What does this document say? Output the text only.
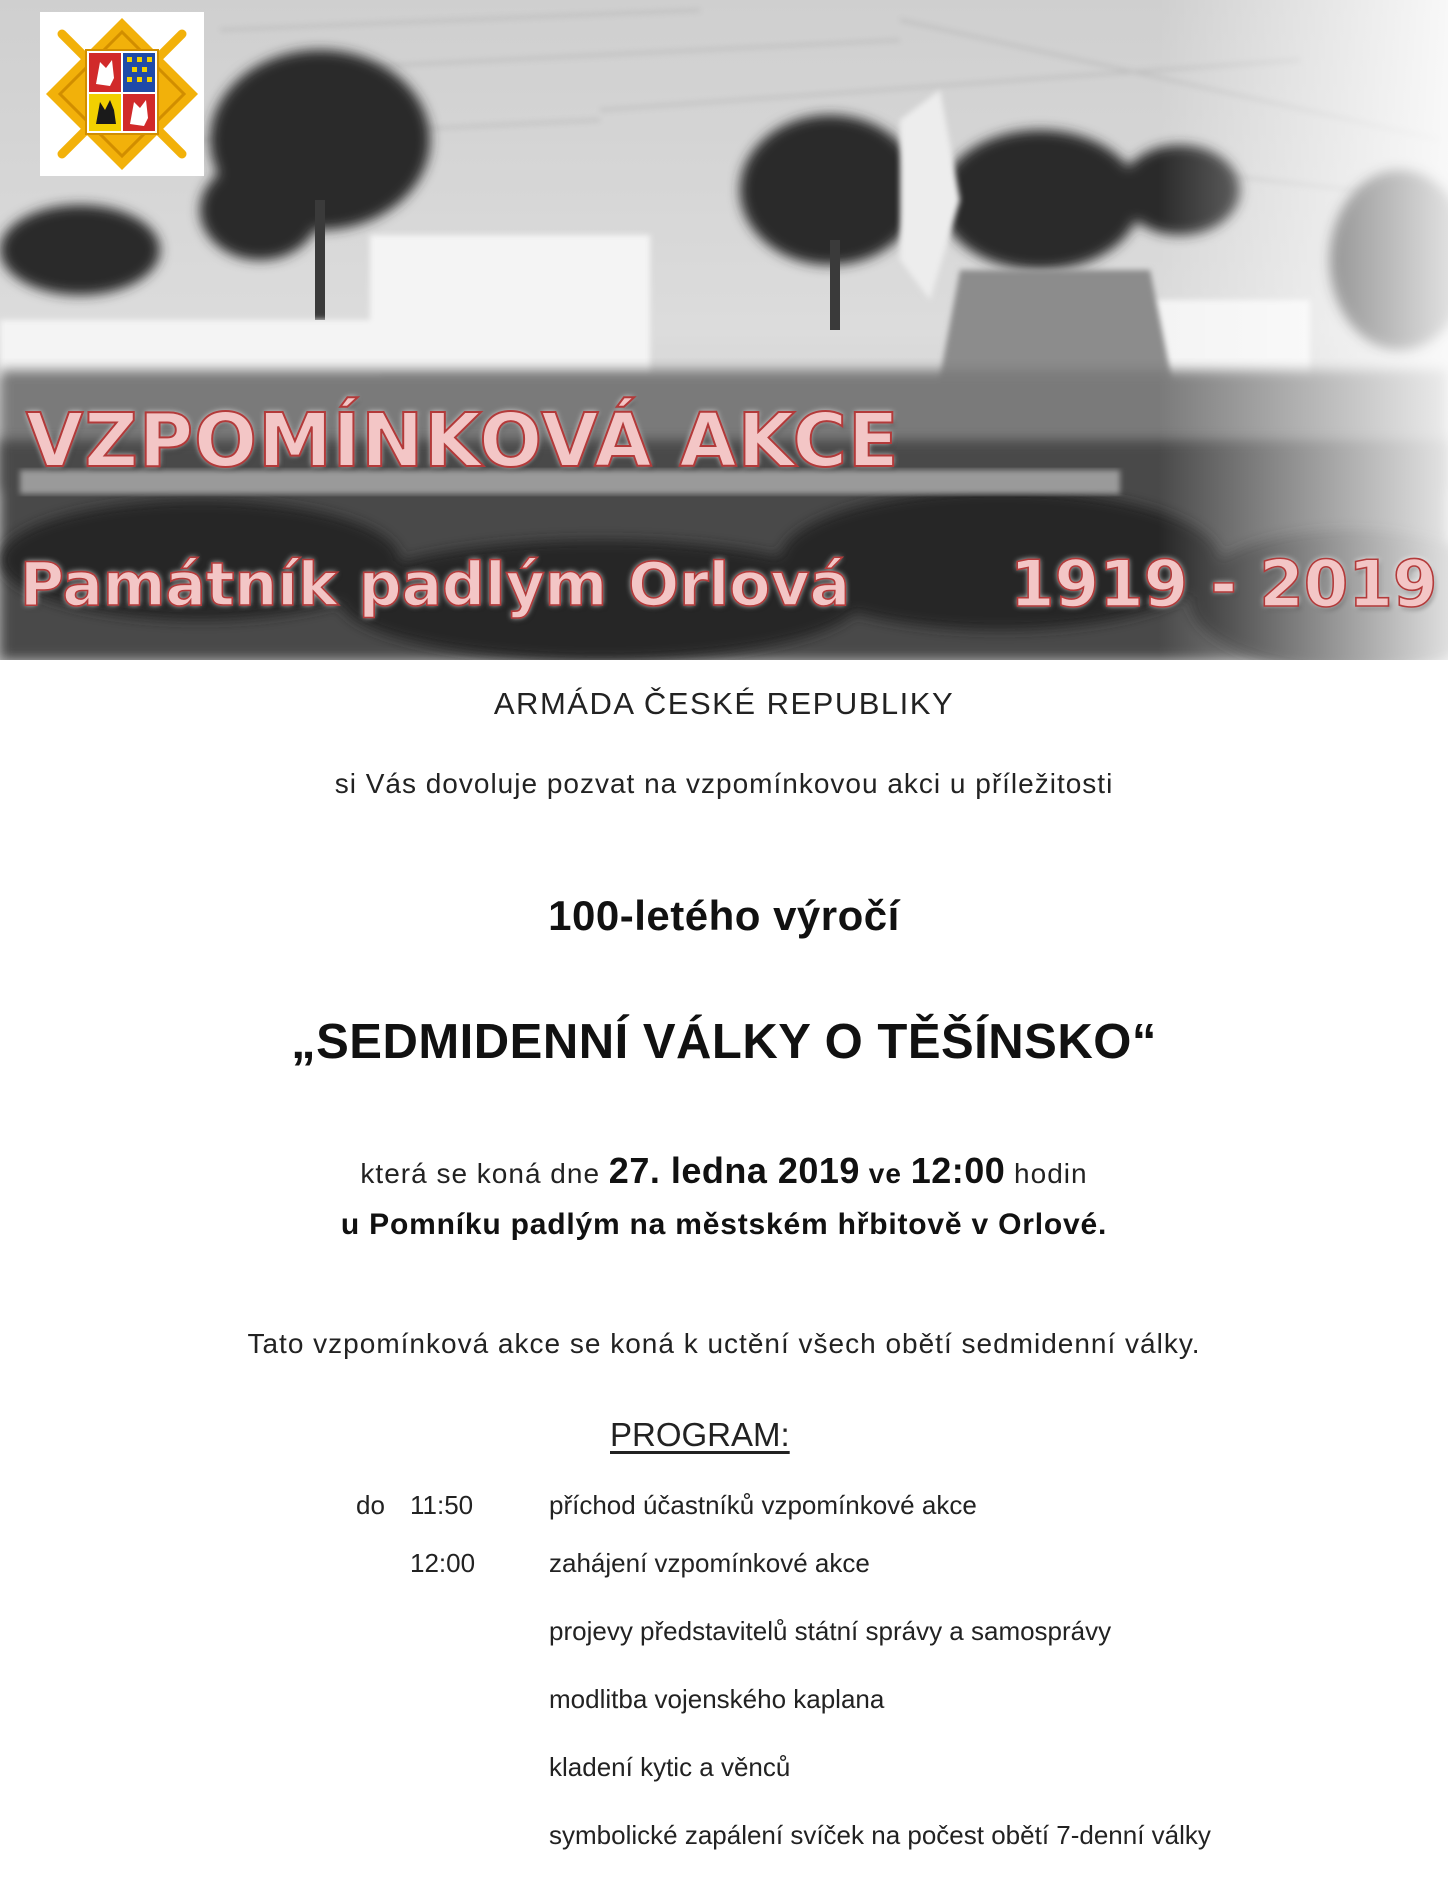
VZPOMÍNKOVÁ AKCE
Památník padlým Orlová 1919 - 2019

ARMÁDA ČESKÉ REPUBLIKY

si Vás dovoluje pozvat na vzpomínkovou akci u příležitosti

100-letého výročí

„SEDMIDENNÍ VÁLKY O TĚŠÍNSKO“

která se koná dne 27. ledna 2019 ve 12:00 hodin

u Pomníku padlým na městském hřbitově v Orlové.

Tato vzpomínková akce se koná k uctění všech obětí sedmidenní války.

PROGRAM:

do 11:50	příchod účastníků vzpomínkové akce
12:00	zahájení vzpomínkové akce
projevy představitelů státní správy a samosprávy
modlitba vojenského kaplana
kladení kytic a věnců
symbolické zapálení svíček na počest obětí 7-denní války
